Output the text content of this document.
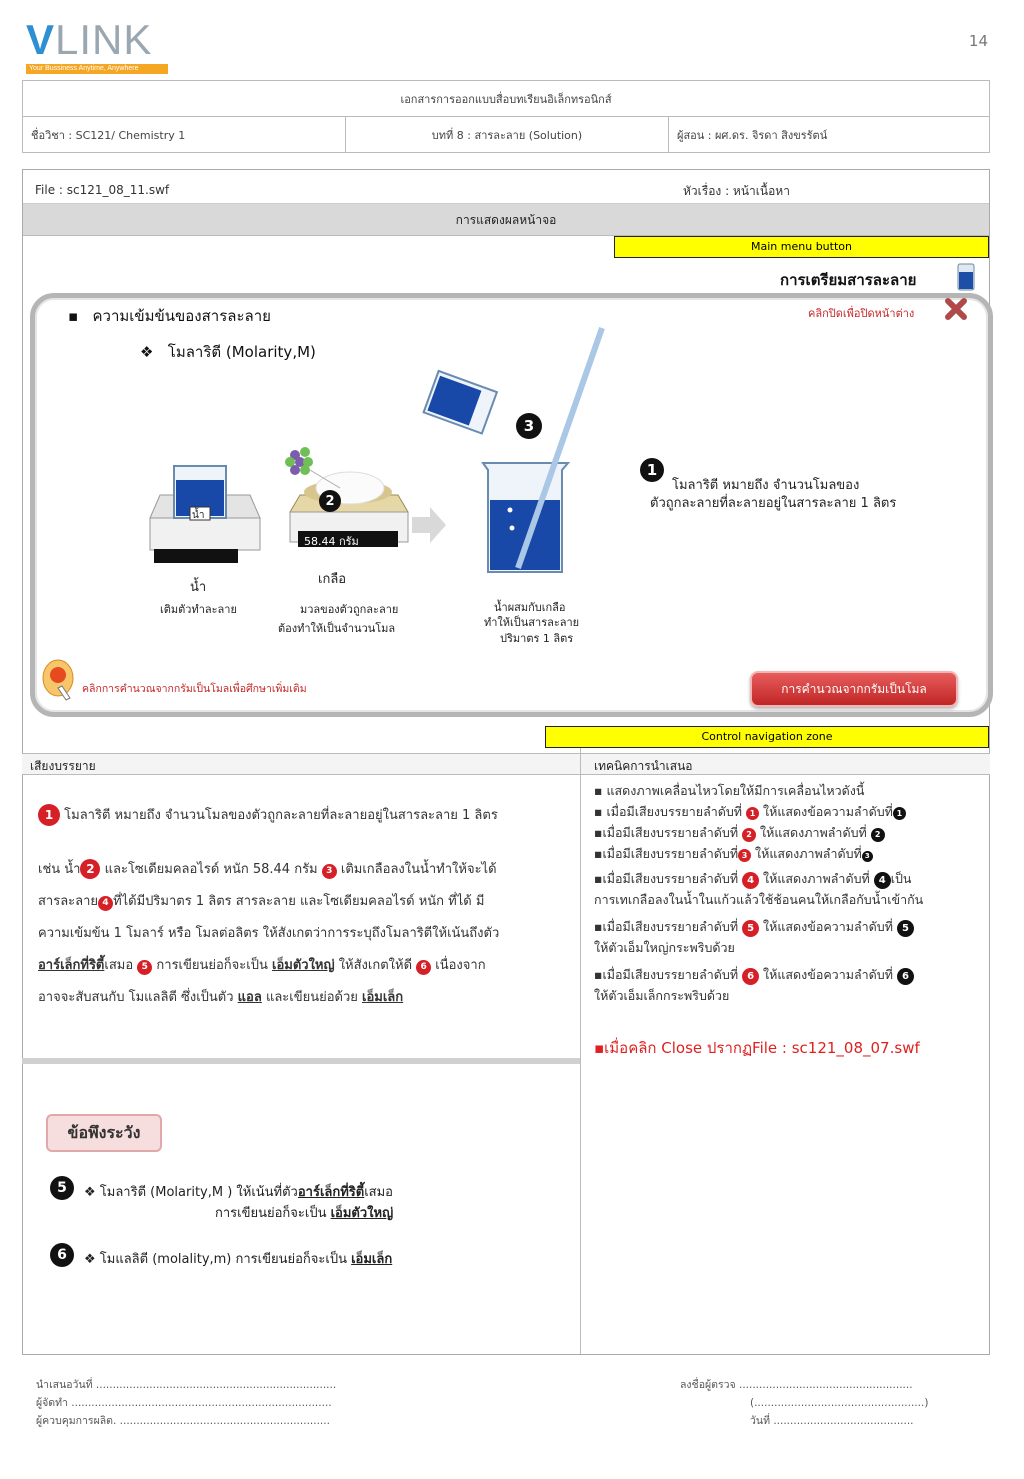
VLINK
Your Bussiness Anytime, Anywhere
14
เอกสารการออกแบบสื่อบทเรียนอิเล็กทรอนิกส์
ชื่อวิชา : SC121/ Chemistry 1	บทที่ 8 : สารละลาย (Solution)	ผู้สอน : ผศ.ดร. จิรดา สิงขรรัตน์
File : sc121_08_11.swf	หัวเรื่อง : หน้าเนื้อหา
การแสดงผลหน้าจอ
Main menu button
การเตรียมสารละลาย
▪   ความเข้มข้นของสารละลาย
❖   โมลาริตี (Molarity,M)
คลิกปิดเพื่อปิดหน้าต่าง
น้ำ
58.44 กรัม
2
3
น้ำ
เติมตัวทำละลาย
เกลือ
มวลของตัวถูกละลาย
ต้องทำให้เป็นจำนวนโมล
น้ำผสมกับเกลือ
ทำให้เป็นสารละลาย
ปริมาตร 1 ลิตร
1
โมลาริตี หมายถึง จำนวนโมลของ
ตัวถูกละลายที่ละลายอยู่ในสารละลาย 1 ลิตร
คลิกการคำนวณจากกรัมเป็นโมลเพื่อศึกษาเพิ่มเติม	การคำนวณจากกรัมเป็นโมล
Control navigation zone
เสียงบรรยาย	เทคนิคการนำเสนอ
1 โมลาริตี หมายถึง จำนวนโมลของตัวถูกละลายที่ละลายอยู่ในสารละลาย 1 ลิตร
เช่น น้ำ 2 และโซเดียมคลอไรด์ หนัก 58.44 กรัม 3 เติมเกลือลงในน้ำทำให้จะได้
สารละลาย 4 ที่ได้มีปริมาตร 1 ลิตร สารละลาย และโซเดียมคลอไรด์ หนัก ที่ได้ มี
ความเข้มข้น 1 โมลาร์ หรือ โมลต่อลิตร ให้สังเกตว่าการระบุถึงโมลาริตีให้เน้นถึงตัว
อาร์เล็กที่ริตี้เสมอ 5 การเขียนย่อก็จะเป็น เอ็มตัวใหญ่ ให้สังเกตให้ดี 6 เนื่องจาก
อาจจะสับสนกับ โมแลลิตี ซึ่งเป็นตัว แอล และเขียนย่อด้วย เอ็มเล็ก
▪ แสดงภาพเคลื่อนไหวโดยให้มีการเคลื่อนไหวดังนี้
▪ เมื่อมีเสียงบรรยายลำดับที่ 1 ให้แสดงข้อความลำดับที่ 1
▪เมื่อมีเสียงบรรยายลำดับที่ 2 ให้แสดงภาพลำดับที่ 2
▪เมื่อมีเสียงบรรยายลำดับที่ 3 ให้แสดงภาพลำดับที่ 3
▪เมื่อมีเสียงบรรยายลำดับที่ 4 ให้แสดงภาพลำดับที่ 4 เป็น
การเทเกลือลงในน้ำในแก้วแล้วใช้ช้อนคนให้เกลือกับน้ำเข้ากัน
▪เมื่อมีเสียงบรรยายลำดับที่ 5 ให้แสดงข้อความลำดับที่ 5
ให้ตัวเอ็มใหญ่กระพริบด้วย
▪เมื่อมีเสียงบรรยายลำดับที่ 6 ให้แสดงข้อความลำดับที่ 6
ให้ตัวเอ็มเล็กกระพริบด้วย
▪เมื่อคลิก Close ปรากฏFile : sc121_08_07.swf
ข้อพึงระวัง
5	❖ โมลาริตี (Molarity,M ) ให้เน้นที่ตัวอาร์เล็กที่ริตี้เสมอ
การเขียนย่อก็จะเป็น เอ็มตัวใหญ่
6	❖ โมแลลิตี (molality,m) การเขียนย่อก็จะเป็น เอ็มเล็ก
นำเสนอวันที่ ........................................................................
ผู้จัดทำ ..............................................................................
ผู้ควบคุมการผลิต. ...............................................................
ลงชื่อผู้ตรวจ ....................................................
(...................................................)
วันที่ ..........................................
